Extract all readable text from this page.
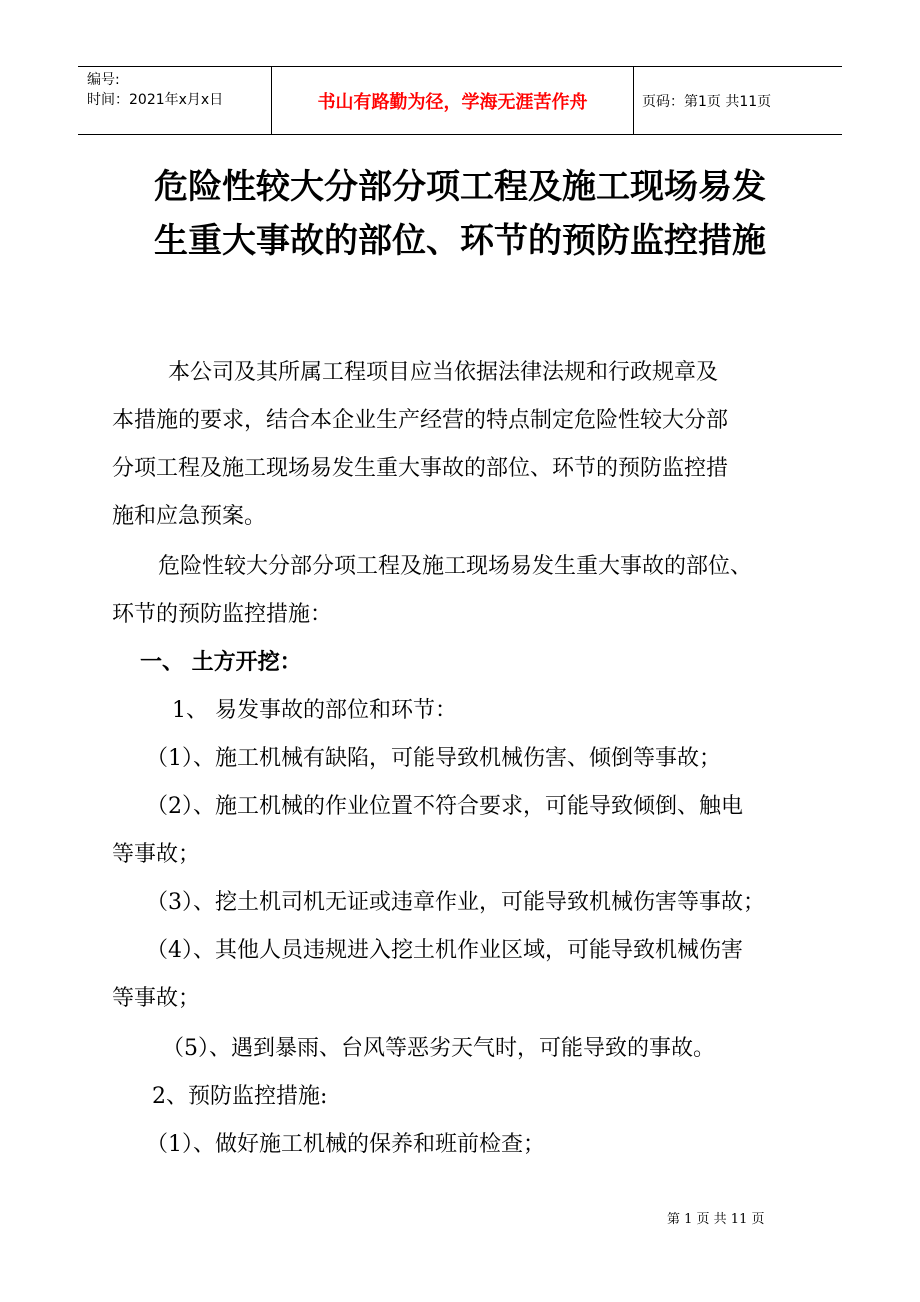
编号:
时间：2021年x月x日	书山有路勤为径，学海无涯苦作舟	页码：第1页 共11页
危险性较大分部分项工程及施工现场易发
生重大事故的部位、环节的预防监控措施
本公司及其所属工程项目应当依据法律法规和行政规章及
本措施的要求，结合本企业生产经营的特点制定危险性较大分部
分项工程及施工现场易发生重大事故的部位、环节的预防监控措
施和应急预案。
危险性较大分部分项工程及施工现场易发生重大事故的部位、
环节的预防监控措施：
一、 土方开挖：
1、 易发事故的部位和环节：
（1）、施工机械有缺陷，可能导致机械伤害、倾倒等事故；
（2）、施工机械的作业位置不符合要求，可能导致倾倒、触电
等事故；
（3）、挖土机司机无证或违章作业，可能导致机械伤害等事故；
（4）、其他人员违规进入挖土机作业区域，可能导致机械伤害
等事故；
（5）、遇到暴雨、台风等恶劣天气时，可能导致的事故。
2、预防监控措施:
（1）、做好施工机械的保养和班前检查；
第 1 页 共 11 页
